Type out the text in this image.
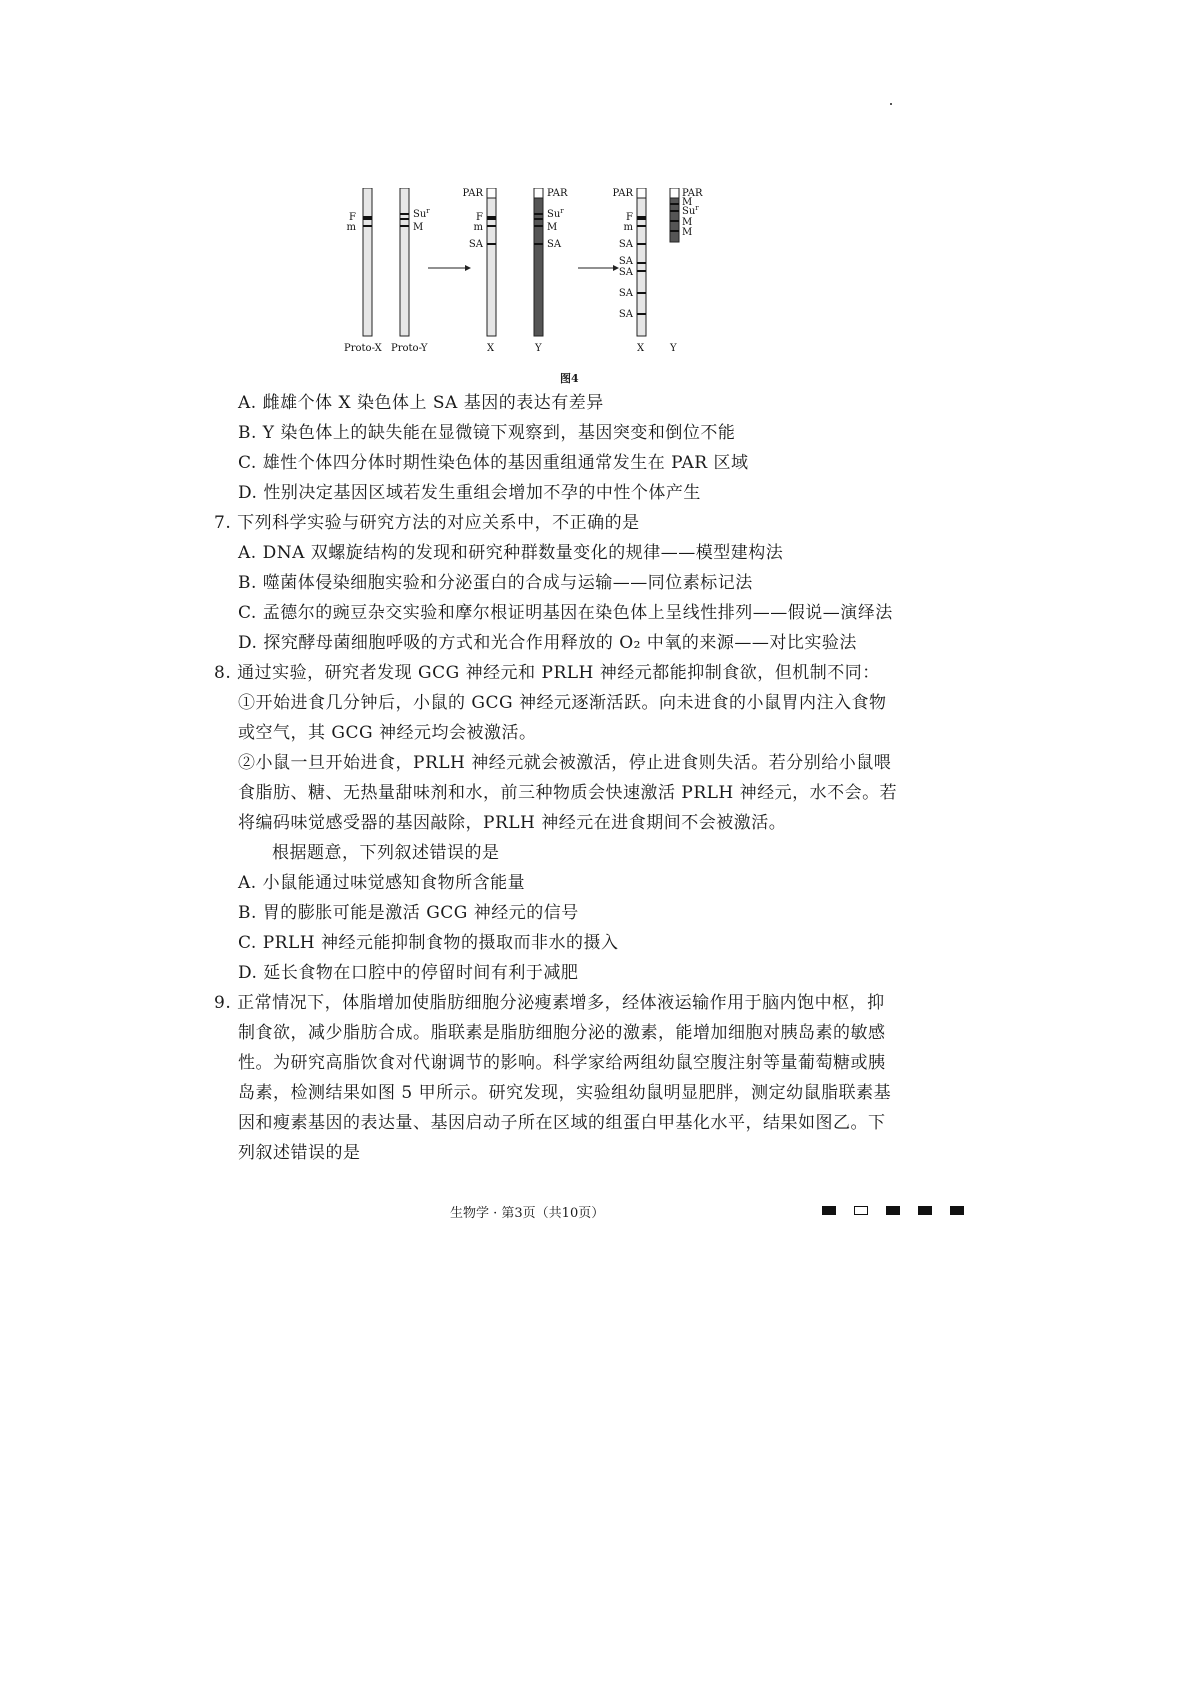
F
m
Proto-X
Su$^r$
M
Proto-Y
PAR
F
m
SA
X
PAR
Su$^r$
M
SA
Y
PAR
F
m
SA
SA
SA
SA
SA
X
PAR
M
Su$^r$
M
M
Y
图4
A. 雌雄个体 X 染色体上 SA 基因的表达有差异
B. Y 染色体上的缺失能在显微镜下观察到，基因突变和倒位不能
C. 雄性个体四分体时期性染色体的基因重组通常发生在 PAR 区域
D. 性别决定基因区域若发生重组会增加不孕的中性个体产生
7. 下列科学实验与研究方法的对应关系中，不正确的是
A. DNA 双螺旋结构的发现和研究种群数量变化的规律——模型建构法
B. 噬菌体侵染细胞实验和分泌蛋白的合成与运输——同位素标记法
C. 孟德尔的豌豆杂交实验和摩尔根证明基因在染色体上呈线性排列——假说—演绎法
D. 探究酵母菌细胞呼吸的方式和光合作用释放的 O₂ 中氧的来源——对比实验法
8. 通过实验，研究者发现 GCG 神经元和 PRLH 神经元都能抑制食欲，但机制不同：
①开始进食几分钟后，小鼠的 GCG 神经元逐渐活跃。向未进食的小鼠胃内注入食物
或空气，其 GCG 神经元均会被激活。
②小鼠一旦开始进食，PRLH 神经元就会被激活，停止进食则失活。若分别给小鼠喂
食脂肪、糖、无热量甜味剂和水，前三种物质会快速激活 PRLH 神经元，水不会。若
将编码味觉感受器的基因敲除，PRLH 神经元在进食期间不会被激活。
根据题意，下列叙述错误的是
A. 小鼠能通过味觉感知食物所含能量
B. 胃的膨胀可能是激活 GCG 神经元的信号
C. PRLH 神经元能抑制食物的摄取而非水的摄入
D. 延长食物在口腔中的停留时间有利于减肥
9. 正常情况下，体脂增加使脂肪细胞分泌瘦素增多，经体液运输作用于脑内饱中枢，抑
制食欲，减少脂肪合成。脂联素是脂肪细胞分泌的激素，能增加细胞对胰岛素的敏感
性。为研究高脂饮食对代谢调节的影响。科学家给两组幼鼠空腹注射等量葡萄糖或胰
岛素，检测结果如图 5 甲所示。研究发现，实验组幼鼠明显肥胖，测定幼鼠脂联素基
因和瘦素基因的表达量、基因启动子所在区域的组蛋白甲基化水平，结果如图乙。下
列叙述错误的是
生物学 · 第3页（共10页）
